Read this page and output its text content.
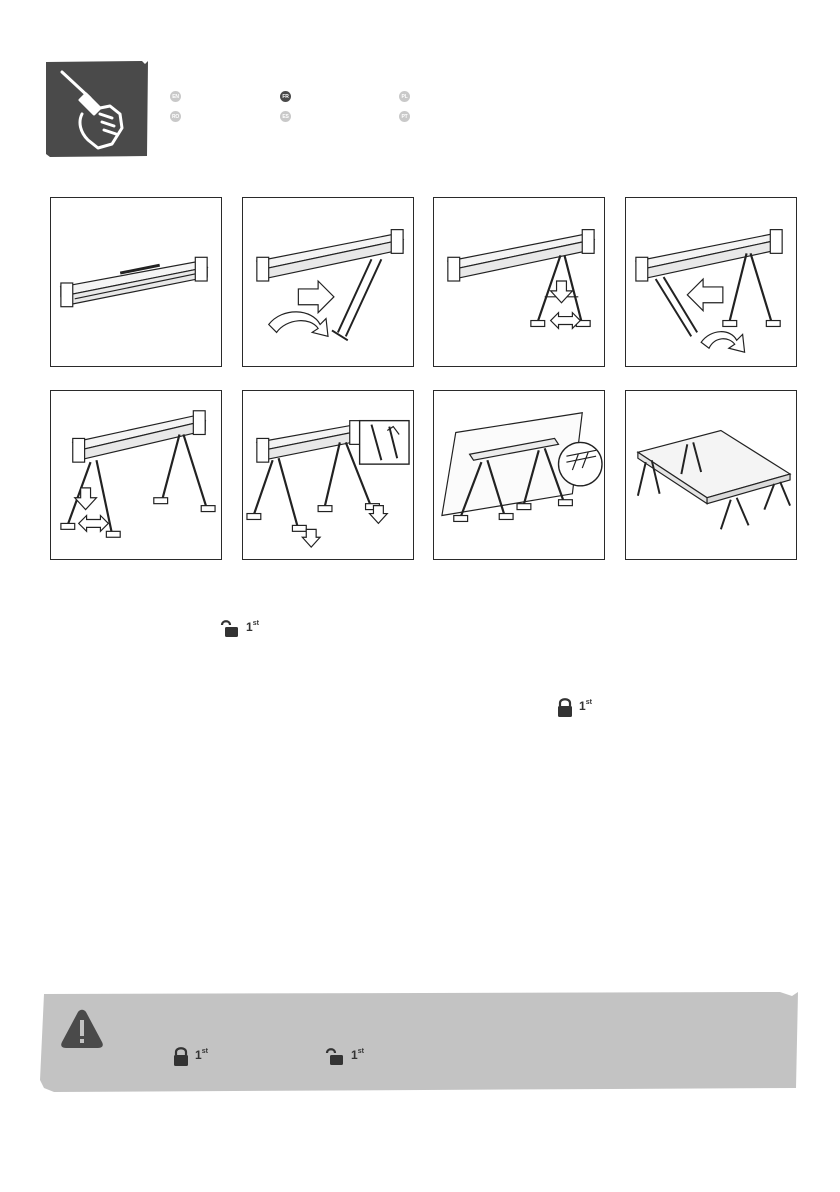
EN	FR	PL
RO	ES	PT
1st
1st
1st	1st
